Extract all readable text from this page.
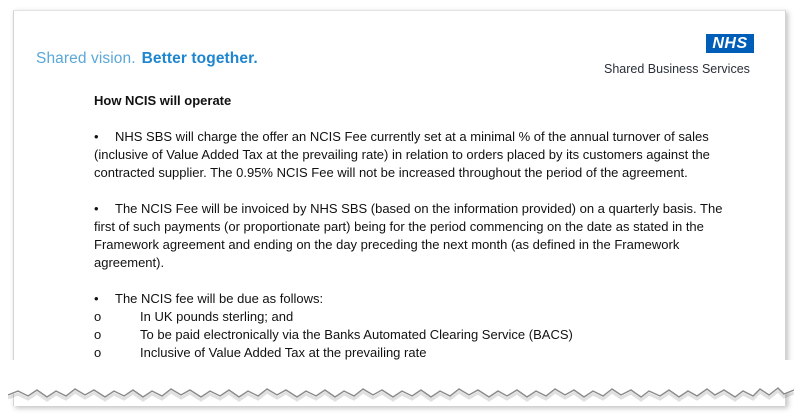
Shared vision. Better together.
NHS
Shared Business Services

How NCIS will operate

• NHS SBS will charge the offer an NCIS Fee currently set at a minimal % of the annual turnover of sales (inclusive of Value Added Tax at the prevailing rate) in relation to orders placed by its customers against the contracted supplier. The 0.95% NCIS Fee will not be increased throughout the period of the agreement.

• The NCIS Fee will be invoiced by NHS SBS (based on the information provided) on a quarterly basis. The first of such payments (or proportionate part) being for the period commencing on the date as stated in the Framework agreement and ending on the day preceding the next month (as defined in the Framework agreement).

• The NCIS fee will be due as follows:

o	In UK pounds sterling; and
o	To be paid electronically via the Banks Automated Clearing Service (BACS)
o	Inclusive of Value Added Tax at the prevailing rate
